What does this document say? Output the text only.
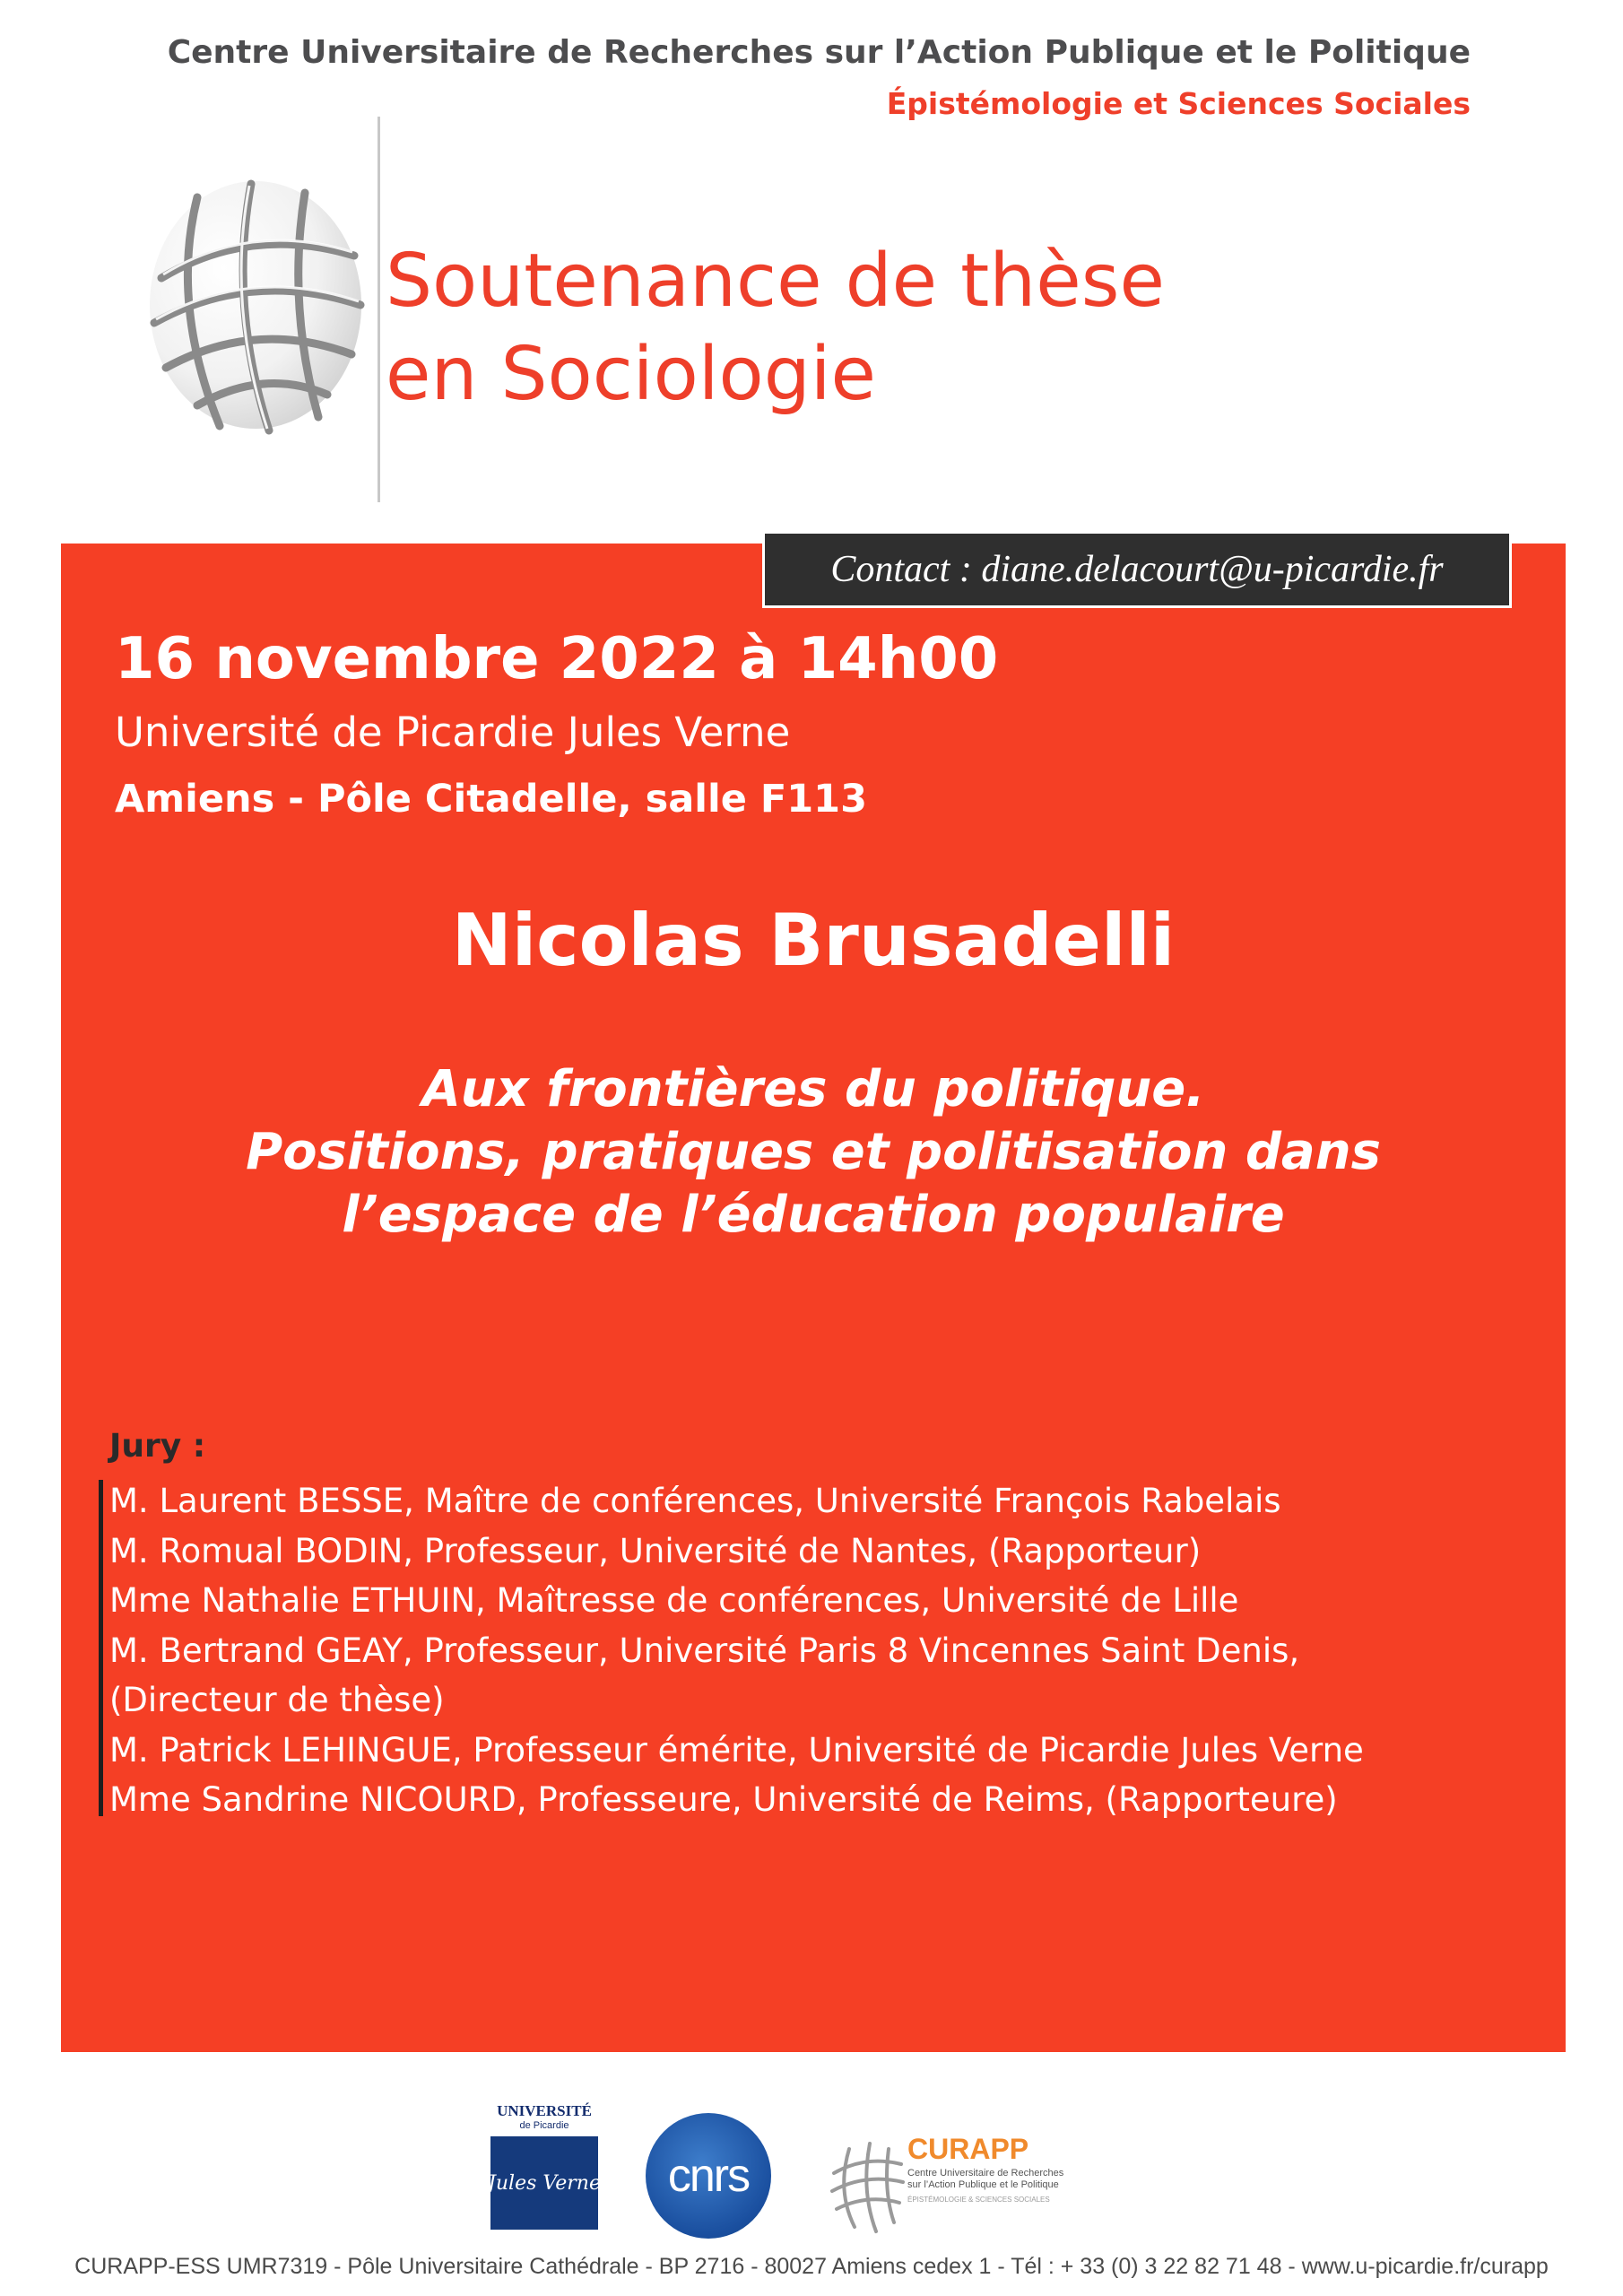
Centre Universitaire de Recherches sur l’Action Publique et le Politique
Épistémologie et Sciences Sociales
Soutenance de thèse
en Sociologie
Contact : diane.delacourt@u-picardie.fr
16 novembre 2022 à 14h00
Université de Picardie Jules Verne
Amiens - Pôle Citadelle, salle F113
Nicolas Brusadelli
Aux frontières du politique.
Positions, pratiques et politisation dans
l’espace de l’éducation populaire
Jury :
M. Laurent BESSE, Maître de conférences, Université François Rabelais
M. Romual BODIN, Professeur, Université de Nantes, (Rapporteur)
Mme Nathalie ETHUIN, Maîtresse de conférences, Université de Lille
M. Bertrand GEAY, Professeur, Université Paris 8 Vincennes Saint Denis,
(Directeur de thèse)
M. Patrick LEHINGUE, Professeur émérite, Université de Picardie Jules Verne
Mme Sandrine NICOURD, Professeure, Université de Reims, (Rapporteure)
UNIVERSITÉ
de Picardie
Jules Verne cnrs
CURAPP
Centre Universitaire de Recherches
sur l’Action Publique et le Politique
ÉPISTÉMOLOGIE & SCIENCES SOCIALES
CURAPP-ESS UMR7319 - Pôle Universitaire Cathédrale - BP 2716 - 80027 Amiens cedex 1 - Tél : + 33 (0) 3 22 82 71 48 - www.u-picardie.fr/curapp
